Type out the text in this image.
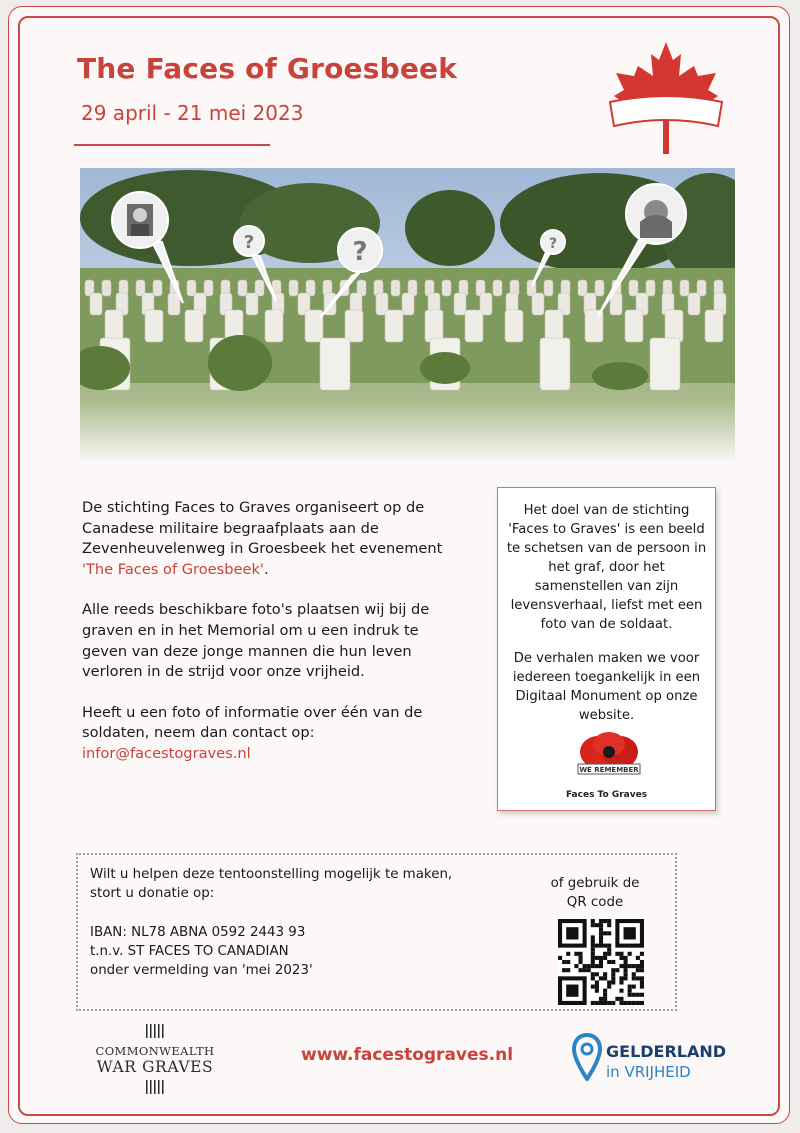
The Faces of Groesbeek
29 april - 21 mei 2023	DONEER EEN FOTO
?	?	?

De stichting Faces to Graves organiseert op de Canadese militaire begraafplaats aan de Zevenheuvelenweg in Groesbeek het evenement 'The Faces of Groesbeek'.

Alle reeds beschikbare foto's plaatsen wij bij de graven en in het Memorial om u een indruk te geven van deze jonge mannen die hun leven verloren in de strijd voor onze vrijheid.

Heeft u een foto of informatie over één van de soldaten, neem dan contact op:

infor@facestograves.nl

Het doel van de stichting 'Faces to Graves' is een beeld te schetsen van de persoon in het graf, door het samenstellen van zijn levensverhaal, liefst met een foto van de soldaat.

De verhalen maken we voor iedereen toegankelijk in een Digitaal Monument op onze website.

WE REMEMBER
Faces To Graves
Wilt u helpen deze tentoonstelling mogelijk te maken,
stort u donatie op:
IBAN: NL78 ABNA 0592 2443 93
t.n.v. ST FACES TO CANADIAN
onder vermelding van 'mei 2023'
of gebruik de QR code
COMMONWEALTH
WAR GRAVES
www.facestograves.nl	GELDERLAND
in VRIJHEID
